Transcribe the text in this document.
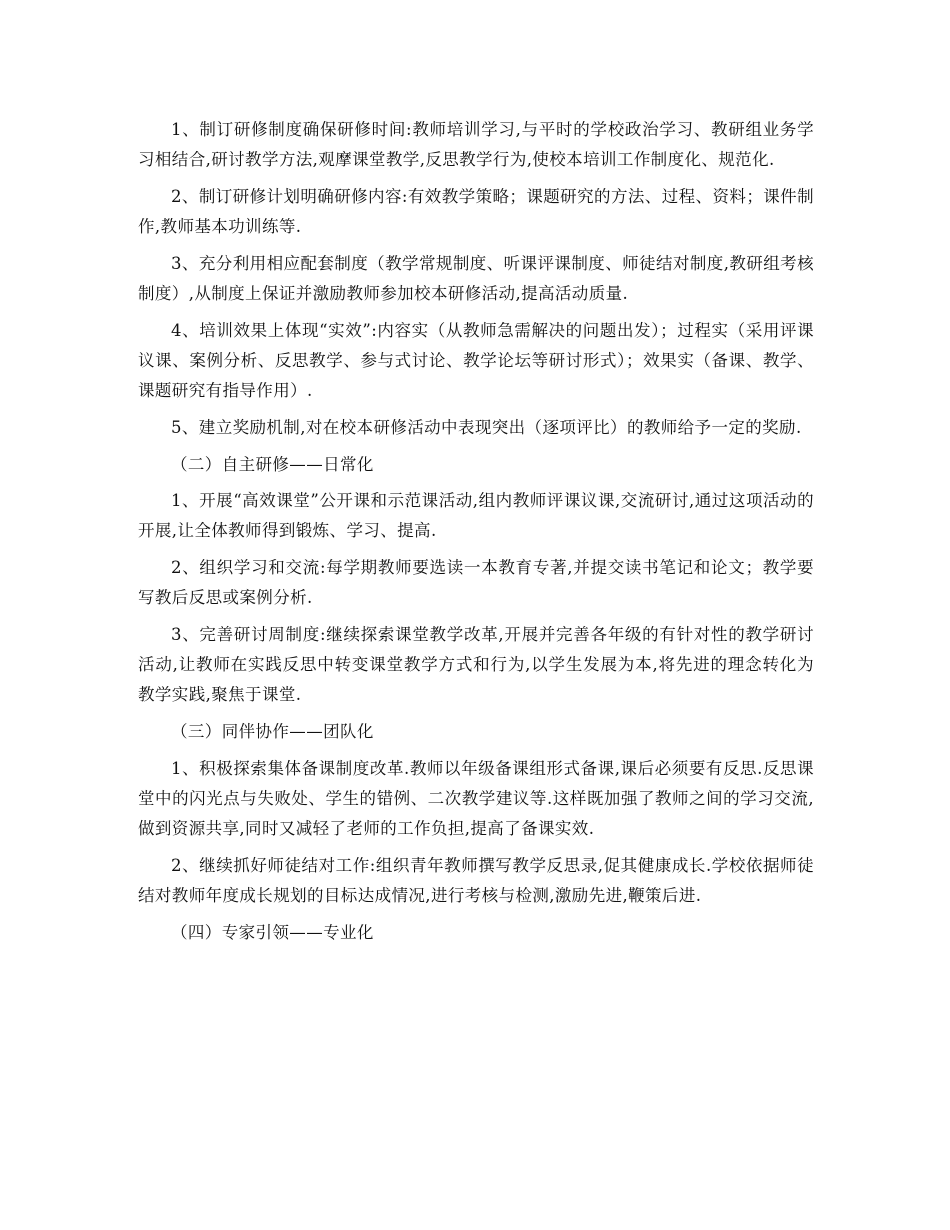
1、制订研修制度确保研修时间:教师培训学习,与平时的学校政治学习、教研组业务学习相结合,研讨教学方法,观摩课堂教学,反思教学行为,使校本培训工作制度化、规范化.

2、制订研修计划明确研修内容:有效教学策略；课题研究的方法、过程、资料；课件制作,教师基本功训练等.

3、充分利用相应配套制度（教学常规制度、听课评课制度、师徒结对制度,教研组考核制度）,从制度上保证并激励教师参加校本研修活动,提高活动质量.

4、培训效果上体现“实效”:内容实（从教师急需解决的问题出发）；过程实（采用评课议课、案例分析、反思教学、参与式讨论、教学论坛等研讨形式）；效果实（备课、教学、课题研究有指导作用）.

5、建立奖励机制,对在校本研修活动中表现突出（逐项评比）的教师给予一定的奖励.

（二）自主研修——日常化

1、开展“高效课堂”公开课和示范课活动,组内教师评课议课,交流研讨,通过这项活动的开展,让全体教师得到锻炼、学习、提高.

2、组织学习和交流:每学期教师要选读一本教育专著,并提交读书笔记和论文；教学要写教后反思或案例分析.

3、完善研讨周制度:继续探索课堂教学改革,开展并完善各年级的有针对性的教学研讨活动,让教师在实践反思中转变课堂教学方式和行为,以学生发展为本,将先进的理念转化为教学实践,聚焦于课堂.

（三）同伴协作——团队化

1、积极探索集体备课制度改革.教师以年级备课组形式备课,课后必须要有反思.反思课堂中的闪光点与失败处、学生的错例、二次教学建议等.这样既加强了教师之间的学习交流,做到资源共享,同时又减轻了老师的工作负担,提高了备课实效.

2、继续抓好师徒结对工作:组织青年教师撰写教学反思录,促其健康成长.学校依据师徒结对教师年度成长规划的目标达成情况,进行考核与检测,激励先进,鞭策后进.

（四）专家引领——专业化
